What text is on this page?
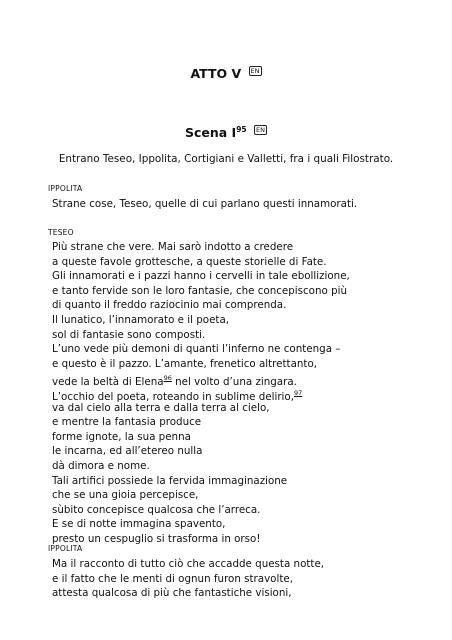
ATTO V EN
Scena $I^{95}$ EN
Entrano Teseo, Ippolita, Cortigiani e Valletti, fra i quali Filostrato.
IPPOLITA
Strane cose, Teseo, quelle di cui parlano questi innamorati.
TESEO
Più strane che vere. Mai sarò indotto a credere
a queste favole grottesche, a queste storielle di Fate.
Gli innamorati e i pazzi hanno i cervelli in tale ebollizione,
e tanto fervide son le loro fantasie, che concepiscono più
di quanto il freddo raziocinio mai comprenda.
Il lunatico, l’innamorato e il poeta,
sol di fantasie sono composti.
L’uno vede più demoni di quanti l’inferno ne contenga –
e questo è il pazzo. L’amante, frenetico altrettanto,
vede la beltà di Elena$^{96}$ nel volto d’una zingara.
L’occhio del poeta, roteando in sublime delirio,$^{97}$
va dal cielo alla terra e dalla terra al cielo,
e mentre la fantasia produce
forme ignote, la sua penna
le incarna, ed all’etereo nulla
dà dimora e nome.
Tali artifici possiede la fervida immaginazione
che se una gioia percepisce,
sùbito concepisce qualcosa che l’arreca.
E se di notte immagina spavento,
presto un cespuglio si trasforma in orso!
IPPOLITA
Ma il racconto di tutto ciò che accadde questa notte,
e il fatto che le menti di ognun furon stravolte,
attesta qualcosa di più che fantastiche visioni,
